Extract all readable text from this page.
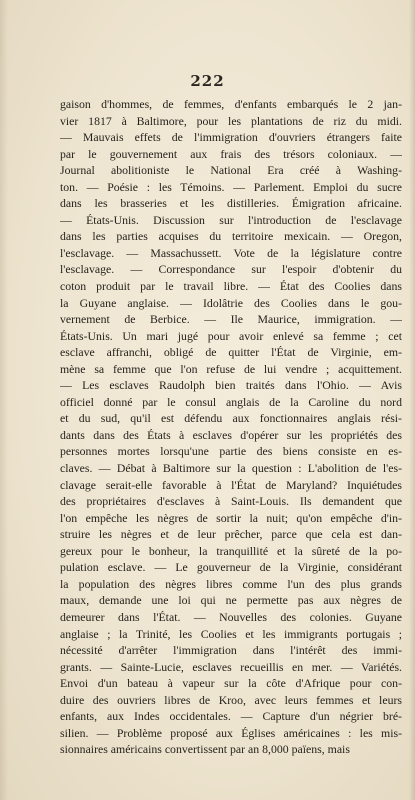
222
gaison d'hommes, de femmes, d'enfants embarqués le 2 jan-
vier 1817 à Baltimore, pour les plantations de riz du midi.
— Mauvais effets de l'immigration d'ouvriers étrangers faite
par le gouvernement aux frais des trésors coloniaux. —
Journal abolitioniste le National Era créé à Washing-
ton. — Poésie : les Témoins. — Parlement. Emploi du sucre
dans les brasseries et les distilleries. Émigration africaine.
— États-Unis. Discussion sur l'introduction de l'esclavage
dans les parties acquises du territoire mexicain. — Oregon,
l'esclavage. — Massachussett. Vote de la législature contre
l'esclavage. — Correspondance sur l'espoir d'obtenir du
coton produit par le travail libre. — État des Coolies dans
la Guyane anglaise. — Idolâtrie des Coolies dans le gou-
vernement de Berbice. — Ile Maurice, immigration. —
États-Unis. Un mari jugé pour avoir enlevé sa femme ; cet
esclave affranchi, obligé de quitter l'État de Virginie, em-
mène sa femme que l'on refuse de lui vendre ; acquittement.
— Les esclaves Raudolph bien traités dans l'Ohio. — Avis
officiel donné par le consul anglais de la Caroline du nord
et du sud, qu'il est défendu aux fonctionnaires anglais rési-
dants dans des États à esclaves d'opérer sur les propriétés des
personnes mortes lorsqu'une partie des biens consiste en es-
claves. — Débat à Baltimore sur la question : L'abolition de l'es-
clavage serait-elle favorable à l'État de Maryland? Inquiétudes
des propriétaires d'esclaves à Saint-Louis. Ils demandent que
l'on empêche les nègres de sortir la nuit; qu'on empêche d'in-
struire les nègres et de leur prêcher, parce que cela est dan-
gereux pour le bonheur, la tranquillité et la sûreté de la po-
pulation esclave. — Le gouverneur de la Virginie, considérant
la population des nègres libres comme l'un des plus grands
maux, demande une loi qui ne permette pas aux nègres de
demeurer dans l'État. — Nouvelles des colonies. Guyane
anglaise ; la Trinité, les Coolies et les immigrants portugais ;
nécessité d'arrêter l'immigration dans l'intérêt des immi-
grants. — Sainte-Lucie, esclaves recueillis en mer. — Variétés.
Envoi d'un bateau à vapeur sur la côte d'Afrique pour con-
duire des ouvriers libres de Kroo, avec leurs femmes et leurs
enfants, aux Indes occidentales. — Capture d'un négrier bré-
silien. — Problème proposé aux Églises américaines : les mis-
sionnaires américains convertissent par an 8,000 païens, mais
